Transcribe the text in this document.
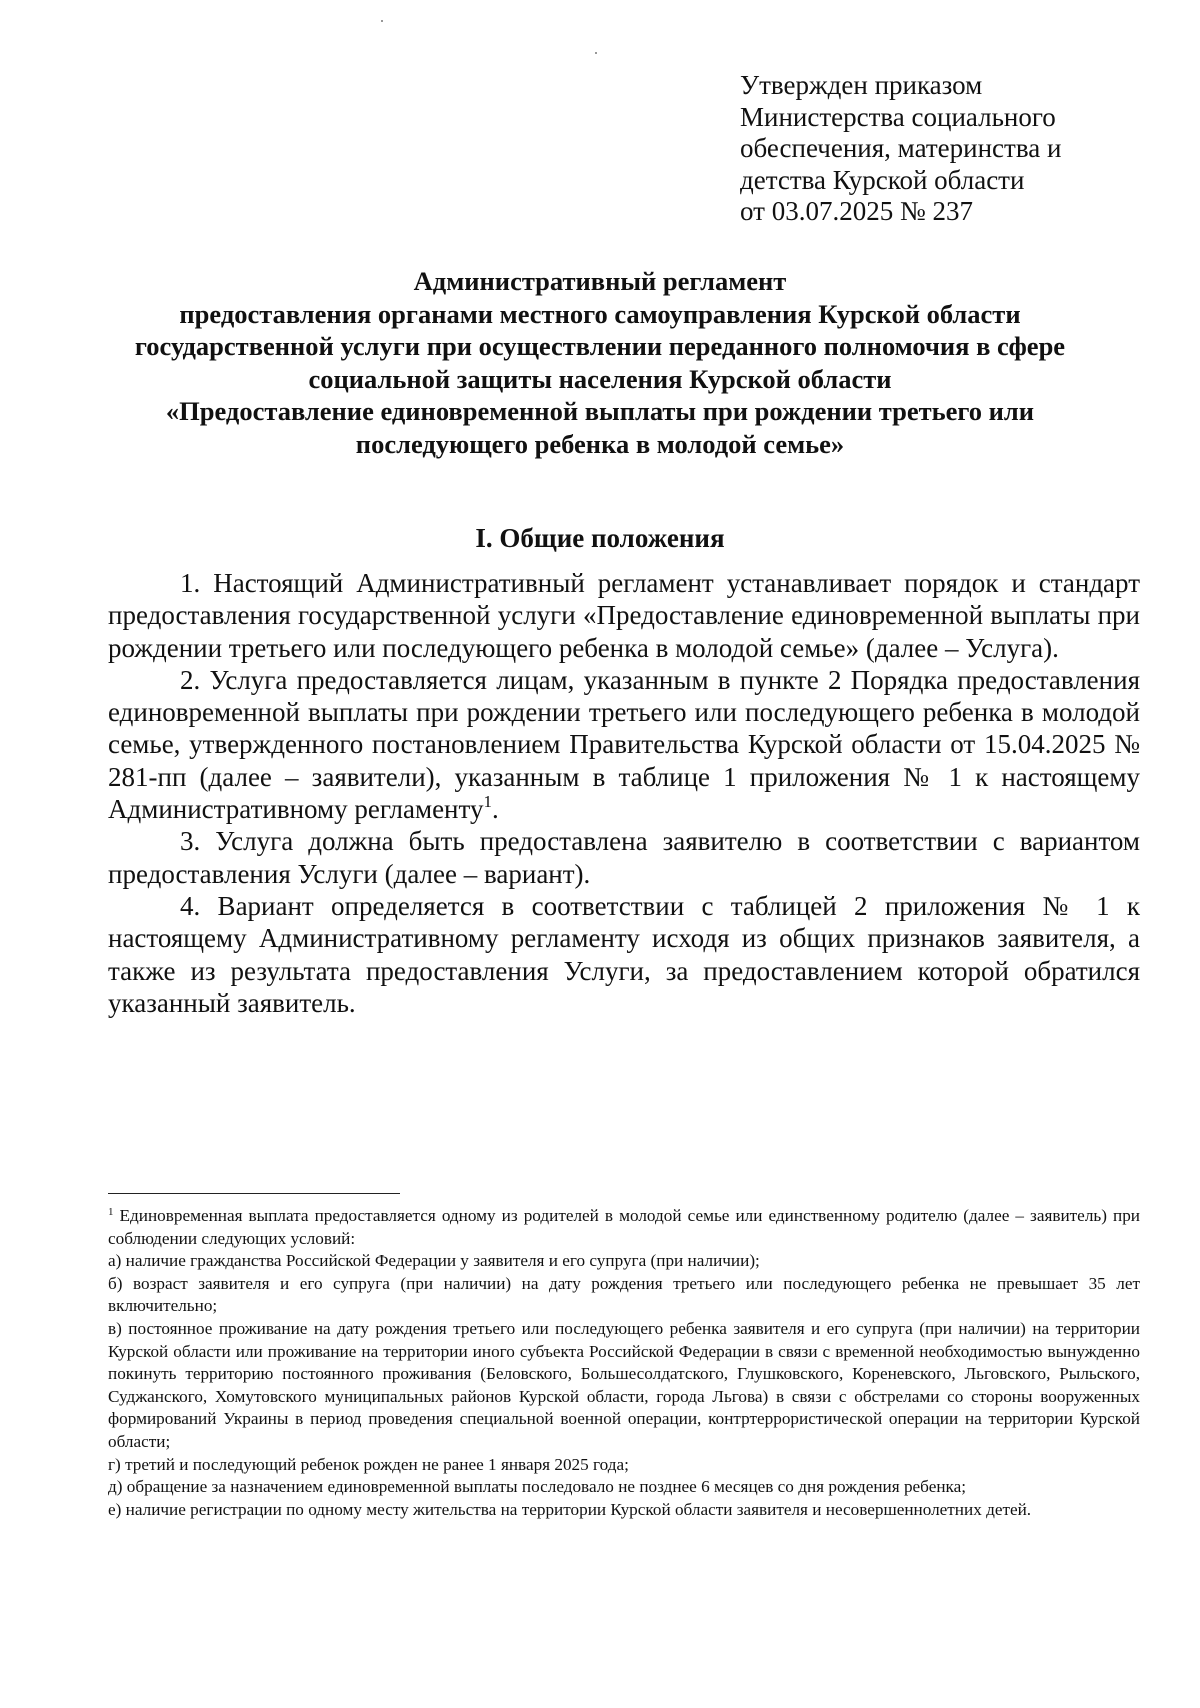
Утвержден приказом
Министерства социального
обеспечения, материнства и
детства Курской области
от 03.07.2025 № 237
Административный регламент
предоставления органами местного самоуправления Курской области
государственной услуги при осуществлении переданного полномочия в сфере
социальной защиты населения Курской области
«Предоставление единовременной выплаты при рождении третьего или
последующего ребенка в молодой семье»
I. Общие положения

1. Настоящий Административный регламент устанавливает порядок и стандарт предоставления государственной услуги «Предоставление единовременной выплаты при рождении третьего или последующего ребенка в молодой семье» (далее – Услуга).

2. Услуга предоставляется лицам, указанным в пункте 2 Порядка предоставления единовременной выплаты при рождении третьего или последующего ребенка в молодой семье, утвержденного постановлением Правительства Курской области от 15.04.2025 № 281-пп (далее – заявители), указанным в таблице 1 приложения № 1 к настоящему Административному регламенту$^1$.

3. Услуга должна быть предоставлена заявителю в соответствии с вариантом предоставления Услуги (далее – вариант).

4. Вариант определяется в соответствии с таблицей 2 приложения № 1 к настоящему Административному регламенту исходя из общих признаков заявителя, а также из результата предоставления Услуги, за предоставлением которой обратился указанный заявитель.

$^1$ Единовременная выплата предоставляется одному из родителей в молодой семье или единственному родителю (далее – заявитель) при соблюдении следующих условий:

а) наличие гражданства Российской Федерации у заявителя и его супруга (при наличии);

б) возраст заявителя и его супруга (при наличии) на дату рождения третьего или последующего ребенка не превышает 35 лет включительно;

в) постоянное проживание на дату рождения третьего или последующего ребенка заявителя и его супруга (при наличии) на территории Курской области или проживание на территории иного субъекта Российской Федерации в связи с временной необходимостью вынужденно покинуть территорию постоянного проживания (Беловского, Большесолдатского, Глушковского, Кореневского, Льговского, Рыльского, Суджанского, Хомутовского муниципальных районов Курской области, города Льгова) в связи с обстрелами со стороны вооруженных формирований Украины в период проведения специальной военной операции, контртеррористической операции на территории Курской области;

г) третий и последующий ребенок рожден не ранее 1 января 2025 года;

д) обращение за назначением единовременной выплаты последовало не позднее 6 месяцев со дня рождения ребенка;

е) наличие регистрации по одному месту жительства на территории Курской области заявителя и несовершеннолетних детей.
